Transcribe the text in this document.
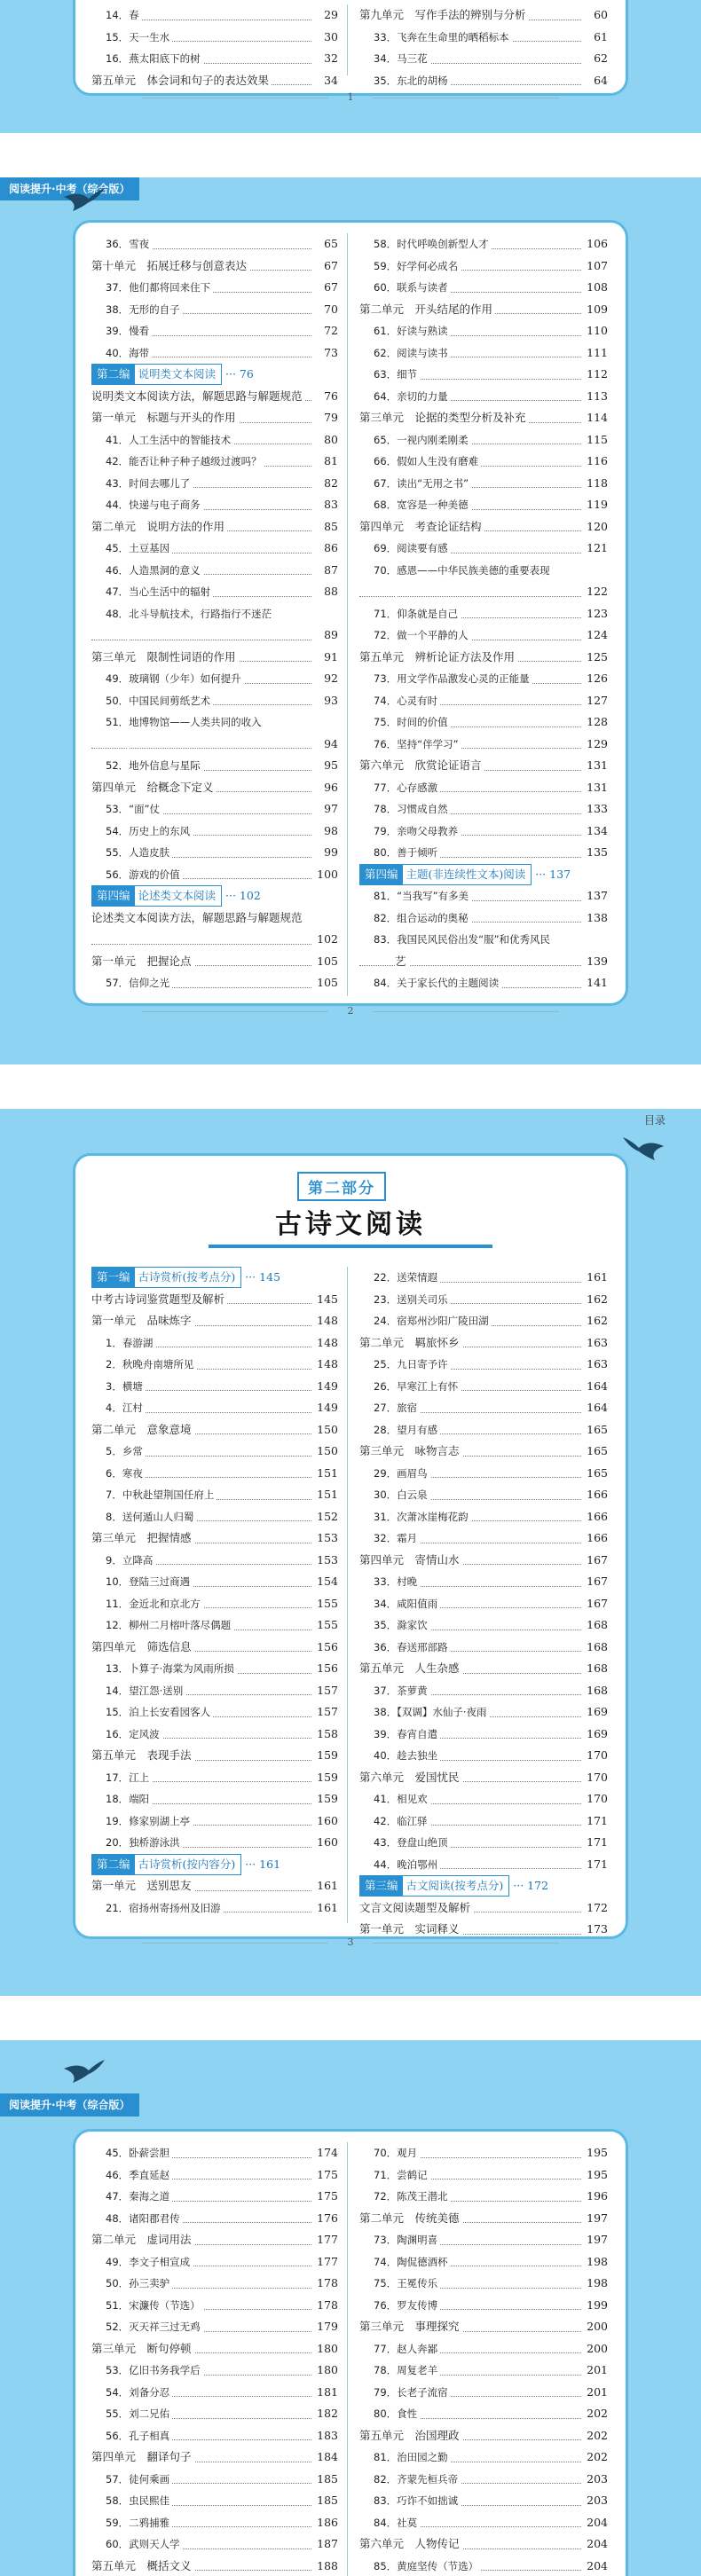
14．春	29
15．天一生水	30
16．燕太阳底下的树	32
第五单元　体会词和句子的表达效果	34
第九单元　写作手法的辨别与分析	60
33．飞奔在生命里的晒稻标本	61
34．马三花	62
35．东北的胡杨	64
1
阅读提升·中考（综合版）
36．雪夜	65
第十单元　拓展迁移与创意表达	67
37．他们都将回来住下	67
38．无形的自子	70
39．慢看	72
40．海带	73
第二编 说明类文本阅读 ··· 76
说明类文本阅读方法，解题思路与解题规范	76
第一单元　标题与开头的作用	79
41．人工生活中的智能技术	80
42．能否让种子种子越级过渡吗？	81
43．时间去哪儿了	82
44．快递与电子商务	83
第二单元　说明方法的作用	85
45．土豆基因	86
46．人造黑洞的意义	87
47．当心生活中的辐射	88
48．北斗导航技术，行路指行不迷茫
89
第三单元　限制性词语的作用	91
49．玻璃钢（少年）如何提升	92
50．中国民间剪纸艺术	93
51．地博物馆——人类共同的收入
94
52．地外信息与星际	95
第四单元　给概念下定义	96
53．“面”仗	97
54．历史上的东风	98
55．人造皮肤	99
56．游戏的价值	100
第四编 论述类文本阅读 ··· 102
论述类文本阅读方法，解题思路与解题规范
102
第一单元　把握论点	105
57．信仰之光	105
58．时代呼唤创新型人才	106
59．好学何必成名	107
60．联系与读者	108
第二单元　开头结尾的作用	109
61．好读与熟读	110
62．阅读与读书	111
63．细节	112
64．亲切的力量	113
第三单元　论据的类型分析及补充	114
65．一视内刚柔刚柔	115
66．假如人生没有磨难	116
67．读出“无用之书”	118
68．宽容是一种美德	119
第四单元　考查论证结构	120
69．阅读要有感	121
70．感恩——中华民族美德的重要表现
122
71．仰条就是自己	123
72．做一个平静的人	124
第五单元　辨析论证方法及作用	125
73．用文学作品激发心灵的正能量	126
74．心灵有时	127
75．时间的价值	128
76．坚持“伴学习”	129
第六单元　欣赏论证语言	131
77．心存感激	131
78．习惯成自然	133
79．亲吻父母教养	134
80．善于倾听	135
第四编 主题(非连续性文本)阅读 ··· 137
81．“当我写”有多美	137
82．组合运动的奥秘	138
83．我国民风民俗出发“服”和优秀风民
艺	139
84．关于家长代的主题阅读	141
2
目录
第二部分
古诗文阅读
第一编 古诗赏析(按考点分) ··· 145
中考古诗词鉴赏题型及解析	145
第一单元　品味炼字	148
1．春游湖	148
2．秋晚舟南塘所见	148
3．横塘	149
4．江村	149
第二单元　意象意境	150
5．乡常	150
6．寒夜	151
7．中秋赴望荆国任府上	151
8．送何遁山人归蜀	152
第三单元　把握情感	153
9．立降高	153
10．登陆三过商遇	154
11．金近北和京北方	155
12．柳州二月榕叶落尽偶题	155
第四单元　筛选信息	156
13．卜算子·海棠为风雨所损	156
14．望江怨·送别	157
15．泊上长安看园客人	157
16．定风波	158
第五单元　表现手法	159
17．江上	159
18．端阳	159
19．修家别湖上亭	160
20．独桥游泳洪	160
第二编 古诗赏析(按内容分) ··· 161
第一单元　送别思友	161
21．宿扬州寄扬州及旧游	161
22．送荣情遐	161
23．送别关司乐	162
24．宿郑州沙阳广陵田湖	162
第二单元　羁旅怀乡	163
25．九日寄予许	163
26．早寒江上有怀	164
27．旅宿	164
28．望月有感	165
第三单元　咏物言志	165
29．画眉鸟	165
30．白云泉	166
31．次萧冰崖梅花韵	166
32．霜月	166
第四单元　寄情山水	167
33．村晚	167
34．咸阳值雨	167
35．滁家饮	168
36．春送邢部路	168
第五单元　人生杂感	168
37．茶萝黄	168
38．【双调】水仙子·夜雨	169
39．春宵自遣	169
40．趁去独坐	170
第六单元　爱国忧民	170
41．相见欢	170
42．临江驿	171
43．登盘山绝顶	171
44．晚泊鄂州	171
第三编 古文阅读(按考点分) ··· 172
文言文阅读题型及解析	172
第一单元　实词释义	173
3
阅读提升·中考（综合版）
45．卧薪尝胆	174
46．季直延赵	175
47．秦海之道	175
48．诸阳郡君传	176
第二单元　虚词用法	177
49．李文子相宣成	177
50．孙三卖驴	178
51．宋濂传（节选）	178
52．灭天祥三过无鸡	179
第三单元　断句停顿	180
53．亿旧书务我学后	180
54．刘备分忍	181
55．刘二兄佑	182
56．孔子相真	183
第四单元　翻译句子	184
57．徒何乘画	185
58．虫民熙佳	185
59．二鸦捕雅	186
60．武则天人学	187
第五单元　概括文义	188
70．观月	195
71．尝鹤记	195
72．陈茂王潜北	196
第二单元　传统美德	197
73．陶渊明喜	197
74．陶侃德酒杯	198
75．王冕传乐	198
76．罗友传博	199
第三单元　事理探究	200
77．赵人奔鄙	200
78．周复老羊	201
79．长老子流宿	201
80．食性	202
第五单元　治国理政	202
81．治田园之勤	202
82．齐蒙先桓兵帝	203
83．巧诈不如拙诚	203
84．社莫	204
第六单元　人物传记	204
85．黄庭坚传（节选）	204
